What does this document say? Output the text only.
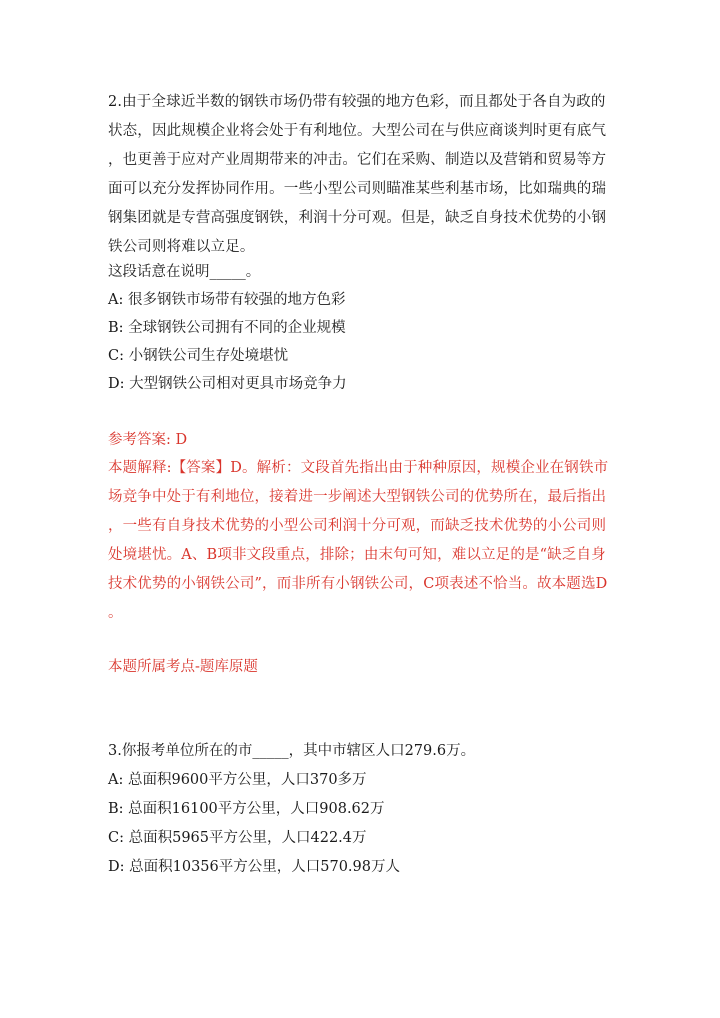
2.由于全球近半数的钢铁市场仍带有较强的地方色彩，而且都处于各自为政的
状态，因此规模企业将会处于有利地位。大型公司在与供应商谈判时更有底气
，也更善于应对产业周期带来的冲击。它们在采购、制造以及营销和贸易等方
面可以充分发挥协同作用。一些小型公司则瞄准某些利基市场，比如瑞典的瑞
钢集团就是专营高强度钢铁，利润十分可观。但是，缺乏自身技术优势的小钢
铁公司则将难以立足。

这段话意在说明_____。

A: 很多钢铁市场带有较强的地方色彩

B: 全球钢铁公司拥有不同的企业规模

C: 小钢铁公司生存处境堪忧

D: 大型钢铁公司相对更具市场竞争力

参考答案: D

本题解释:【答案】D。解析：文段首先指出由于种种原因，规模企业在钢铁市
场竞争中处于有利地位，接着进一步阐述大型钢铁公司的优势所在，最后指出
，一些有自身技术优势的小型公司利润十分可观，而缺乏技术优势的小公司则
处境堪忧。A、B项非文段重点，排除；由末句可知，难以立足的是“缺乏自身
技术优势的小钢铁公司”，而非所有小钢铁公司，C项表述不恰当。故本题选D
。

本题所属考点-题库原题

3.你报考单位所在的市_____，其中市辖区人口279.6万。

A: 总面积9600平方公里，人口370多万

B: 总面积16100平方公里，人口908.62万

C: 总面积5965平方公里，人口422.4万

D: 总面积10356平方公里，人口570.98万人
